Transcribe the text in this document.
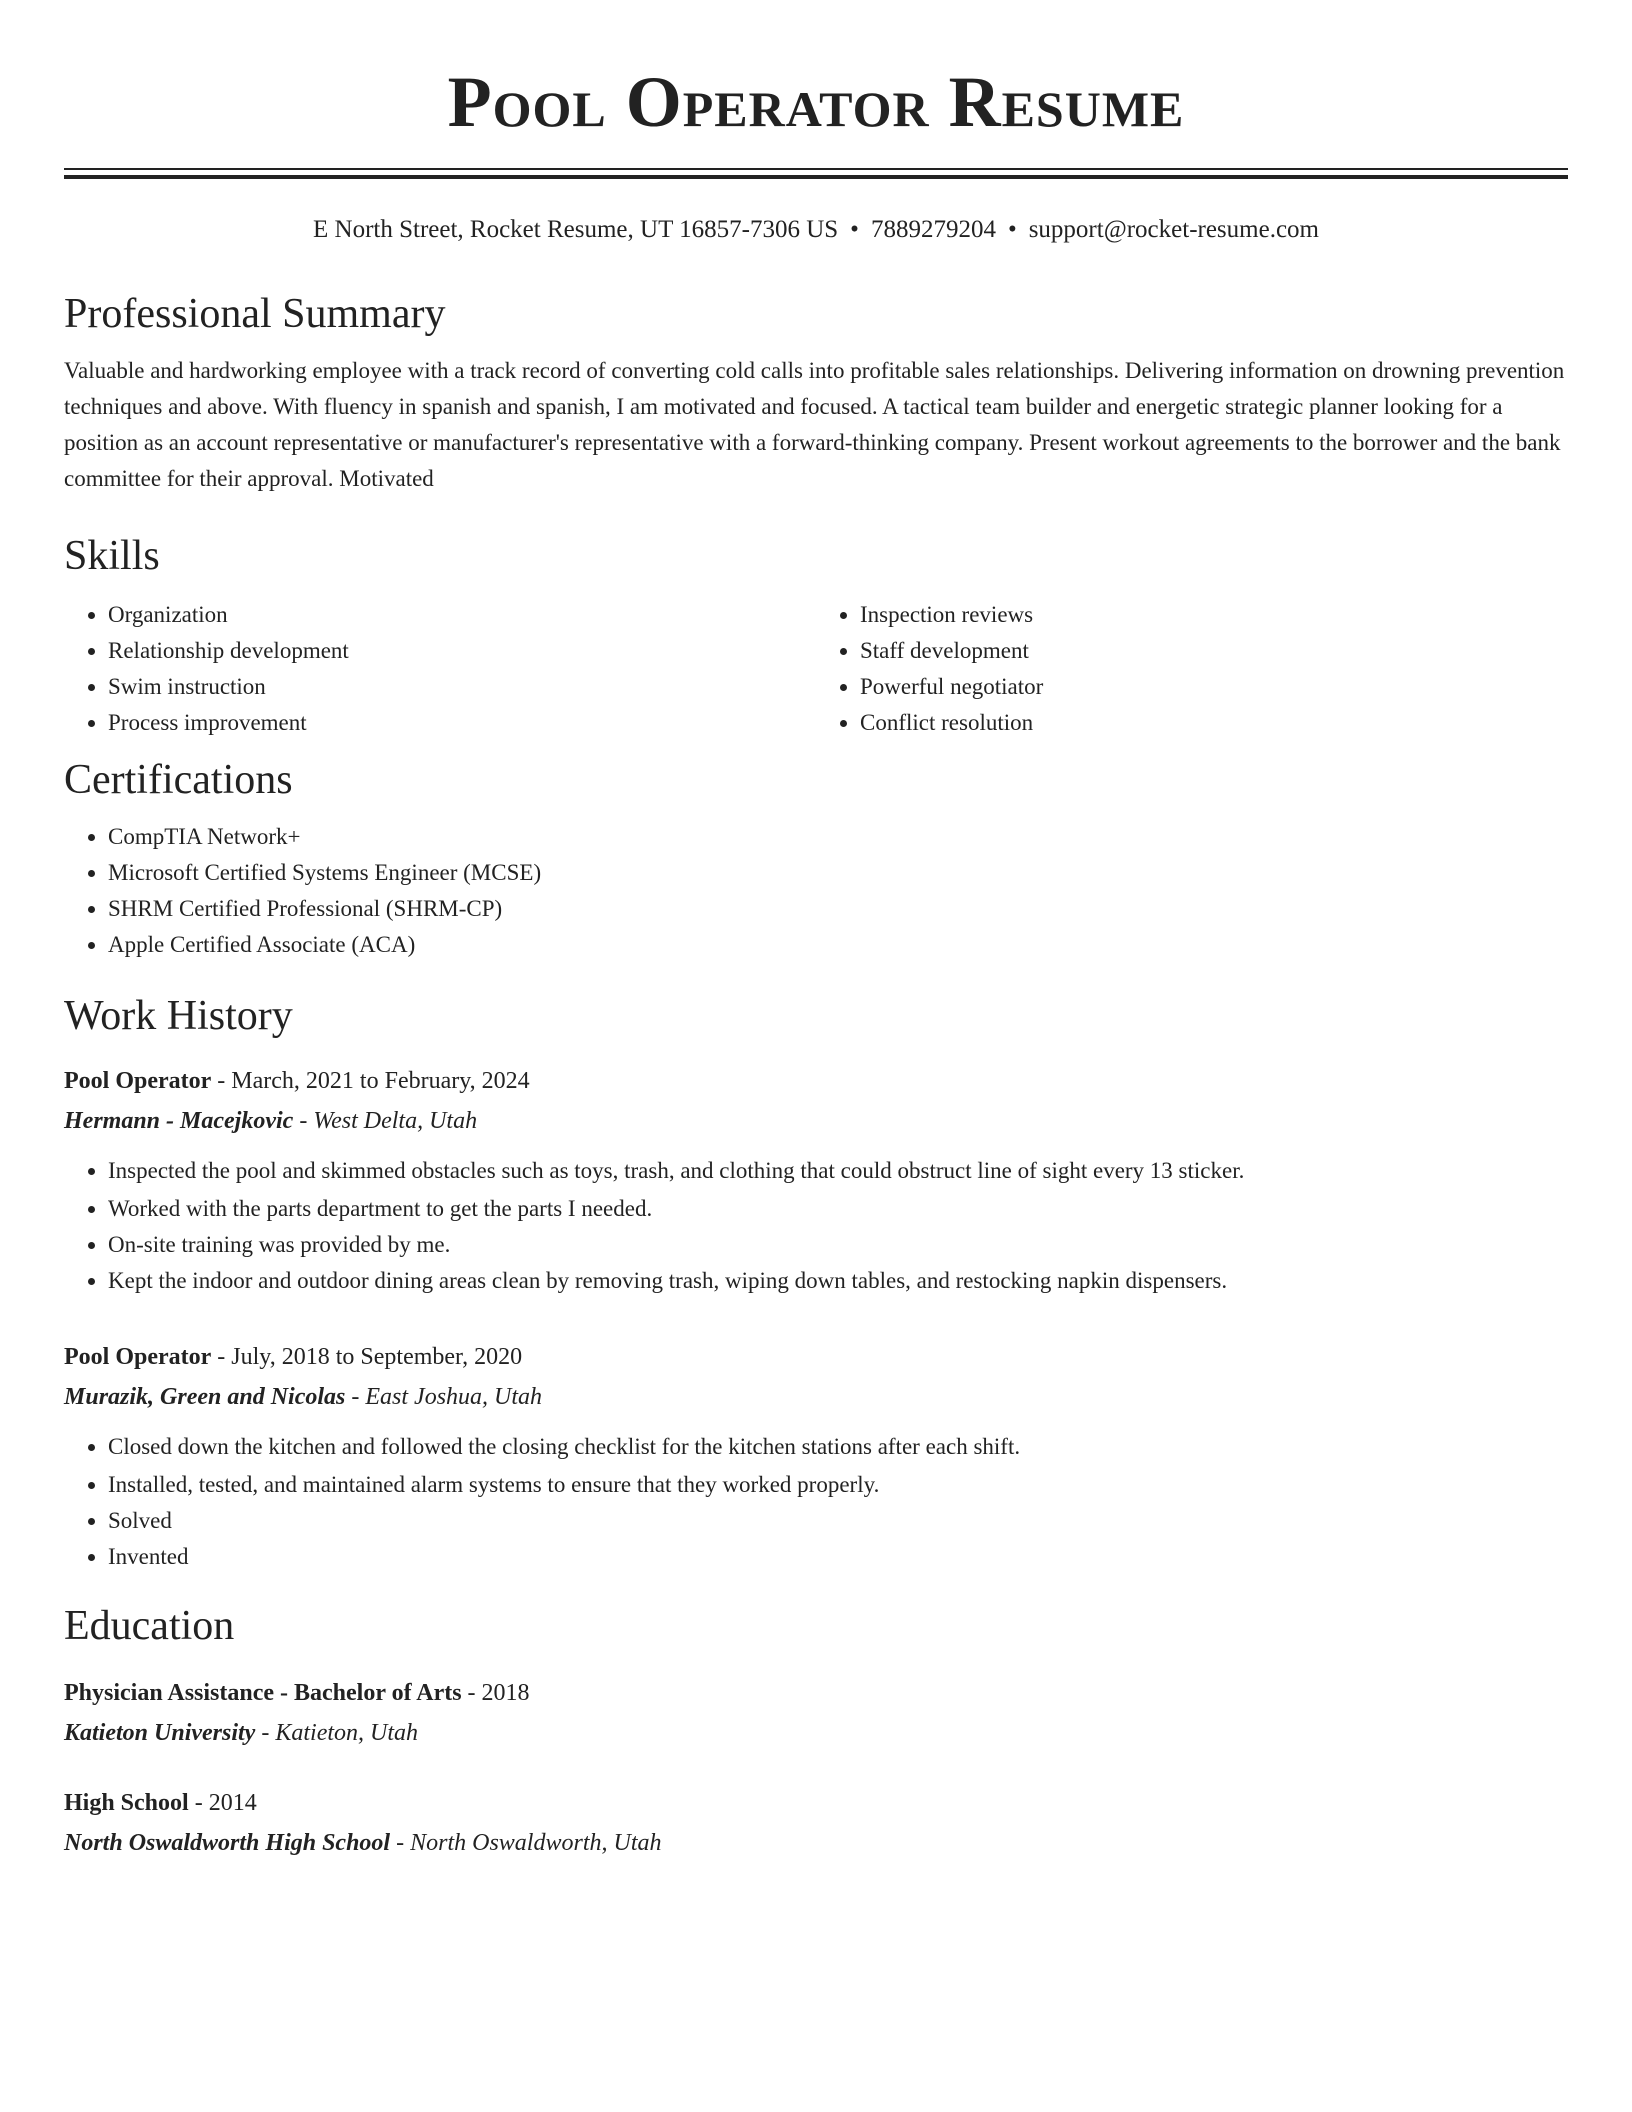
Pool Operator Resume
E North Street, Rocket Resume, UT 16857-7306 US • 7889279204 • support@rocket-resume.com
Professional Summary

Valuable and hardworking employee with a track record of converting cold calls into profitable sales relationships. Delivering information on drowning prevention techniques and above. With fluency in spanish and spanish, I am motivated and focused. A tactical team builder and energetic strategic planner looking for a position as an account representative or manufacturer's representative with a forward-thinking company. Present workout agreements to the borrower and the bank committee for their approval. Motivated

Skills
• Organization
• Relationship development
• Swim instruction
• Process improvement
• Inspection reviews
• Staff development
• Powerful negotiator
• Conflict resolution
Certifications
• CompTIA Network+
• Microsoft Certified Systems Engineer (MCSE)
• SHRM Certified Professional (SHRM-CP)
• Apple Certified Associate (ACA)
Work History
Pool Operator - March, 2021 to February, 2024
Hermann - Macejkovic - West Delta, Utah
• Inspected the pool and skimmed obstacles such as toys, trash, and clothing that could obstruct line of sight every 13 sticker.
• Worked with the parts department to get the parts I needed.
• On-site training was provided by me.
• Kept the indoor and outdoor dining areas clean by removing trash, wiping down tables, and restocking napkin dispensers.
Pool Operator - July, 2018 to September, 2020
Murazik, Green and Nicolas - East Joshua, Utah
• Closed down the kitchen and followed the closing checklist for the kitchen stations after each shift.
• Installed, tested, and maintained alarm systems to ensure that they worked properly.
• Solved
• Invented
Education
Physician Assistance - Bachelor of Arts - 2018
Katieton University - Katieton, Utah
High School - 2014
North Oswaldworth High School - North Oswaldworth, Utah
